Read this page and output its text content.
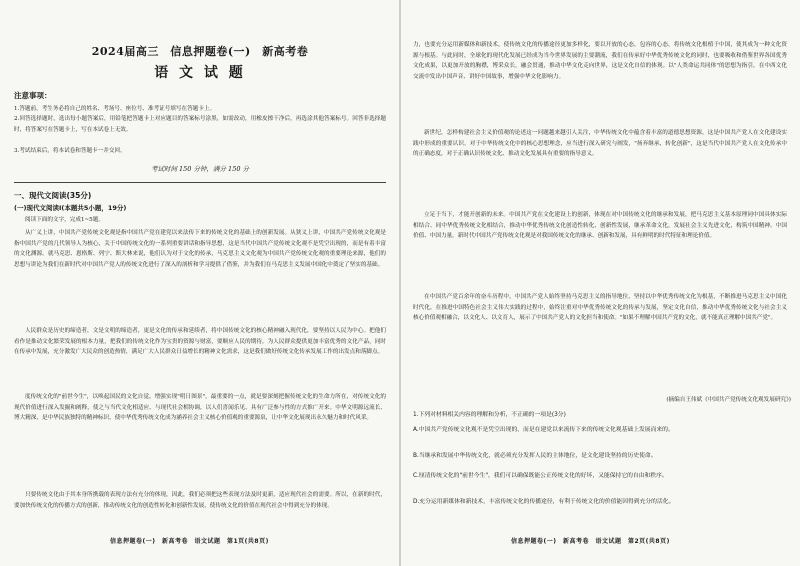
2024届高三　信息押题卷(一)　新高考卷
语 文 试 题
注意事项：

1.答题前，考生务必将自己的姓名、考场号、座位号、准考证号填写在答题卡上。

2.回答选择题时，选出每小题答案后，用铅笔把答题卡上对应题目的答案标号涂黑，如需改动，用橡皮擦干净后，再选涂其他答案标号。回答非选择题时，将答案写在答题卡上，写在本试卷上无效。

3.考试结束后，将本试卷和答题卡一并交回。

考试时间 150 分钟，满分 150 分
一、现代文阅读(35分)
(一)现代文阅读Ⅰ(本题共5小题，19分)

阅读下面的文字，完成1~5题。

从广义上讲，中国共产党传统文化观是指中国共产党在建党以来法传下来的传统文化的基础上的创新发展。从狭义上讲，中国共产党传统文化观是指中国共产党的几代领导人为核心，关于中国传统文化的一系列重要讲话和指导思想，这是当代中国共产党传统文化观不是凭空出现的，而是有着丰富的文化渊源。就马克思、恩格斯、列宁、斯大林来说，他们认为对于文化的传承，马克思主义文化观为中国共产党传统文化观的重要理论来源，他们的思想与讲论为我们在新时代对中国共产党人的传统文化进行了深入的剖析和学习提供了借鉴，并为我们在马克思主义发展中国化中奠定了坚实的基础。

人民群众是历史的缔造者，文是文明的缔造者，更是文化的传承和延续者，将中国传统文化的核心精神融入现代化，要坚持以人民为中心。把他们看作是推动文化繁荣发展的根本力量，把我们的传统文化作为宝贵的资源与财富，要顺应人民的期待，为人民群众提供更加丰富优秀的文化产品，同时在传承中发展，充分激发广大民众的创造热情，满足广大人民群众日益增长的精神文化需求，这是我们做好传统文化传承发展工作的出发点和落脚点。

度传统文化的"前世今生"，以唤起国民的文化自觉，增强实现"明日图景"，最重要的一点，就是要深刻把握传统文化的生命力所在，对传统文化的现代价值进行深入发掘和阐释，使之与当代文化相适应、与现代社会相协调，以人们喜闻乐见、具有广泛参与性的方式推广开来。中华文明源远流长、博大精深，是中华民族独特的精神标识，使中华优秀传统文化成为涵养社会主义核心价值观的重要源泉，让中华文化展现出永久魅力和时代风采。

只要传统文化由于其本身所携载的表现方法有充分的体现，因此，我们必须把这些表现方法及时更新，适应现代社会的需要。所以，在新的时代，要加快传统文化的传播方式的创新，推动传统文化的创造性转化和创新性发展，使传统文化的价值在现代社会中得到充分的体现。

信息押题卷(一)　新高考卷　语文试题　第1页(共8页)

力，也要充分运用新媒体和新技术，使传统文化的传播途径更加多样化，要以开放的心态，包容的心态，将传统文化根植于中国，使其成为一种文化资源与根基。与此同时，全球化的现代化发展已经成为当今世界发展的主要潮流，我们在传承好中华优秀传统文化的同时，也要吸收和借鉴世界各国优秀文化成果，以更加开放的胸襟，博采众长，融会贯通，推动中华文化走向世界，这是文化自信的体现。以"人类命运共同体"的思想为指引，在中西文化交流中发出中国声音、讲好中国故事，增强中华文化影响力。

新世纪，怎样构建社会主义价值观的论述这一问题越来越引人关注，中华传统文化中蕴含着丰富的道德思想资源，这是中国共产党人在文化建设实践中形成的重要认识。对于中华传统文化中的核心思想理念，应当进行深入研究与阐发，"扬弃继承，转化创新"，这是当代中国共产党人在文化传承中的正确态度，对于正确认识传统文化、推动文化发展具有重要的指导意义。

立足于当下，才能开创新的未来。中国共产党在文化建设上的创新，体现在对中国传统文化的继承和发展，把马克思主义基本原理同中国具体实际相结合、同中华优秀传统文化相结合，推动中华优秀传统文化创造性转化、创新性发展，继承革命文化，发展社会主义先进文化，构筑中国精神、中国价值、中国力量。新时代中国共产党传统文化观是对我国传统文化的继承、创新和发展，具有鲜明的时代特征和理论价值。

在中国共产党百余年的奋斗历程中，中国共产党人始终坚持马克思主义的指导地位，坚持以中华优秀传统文化为根基，不断推进马克思主义中国化时代化，在推进中国特色社会主义伟大实践的过程中，始终注重对中华优秀传统文化的传承与发展，坚定文化自信，推动中华优秀传统文化与社会主义核心价值观相融合，以文化人、以文育人，展示了中国共产党人的文化担当和使命。"如果不理解中国共产党的文化，就不能真正理解中国共产党"。

(摘编自王伟斌《中国共产党传统文化观发展研究》)

1.下列对材料相关内容的理解和分析，不正确的一项是(3分)

A.中国共产党传统文化观不是凭空出现的，而是在建党以来流传下来的传统文化观基础上发展而来的。

B.当继承和发展中华传统文化，就必须充分发挥人民的主体地位，是文化建设坚持的历史使命。

C.厘清传统文化的"前世今生"，我们可以确保既能公正传统文化的好坏，又能保持它的自由和秩序。

D.充分运用新媒体和新技术，丰富传统文化的传播途径，有利于传统文化的价值能因得到充分的活化。

信息押题卷(一)　新高考卷　语文试题　第2页(共8页)
